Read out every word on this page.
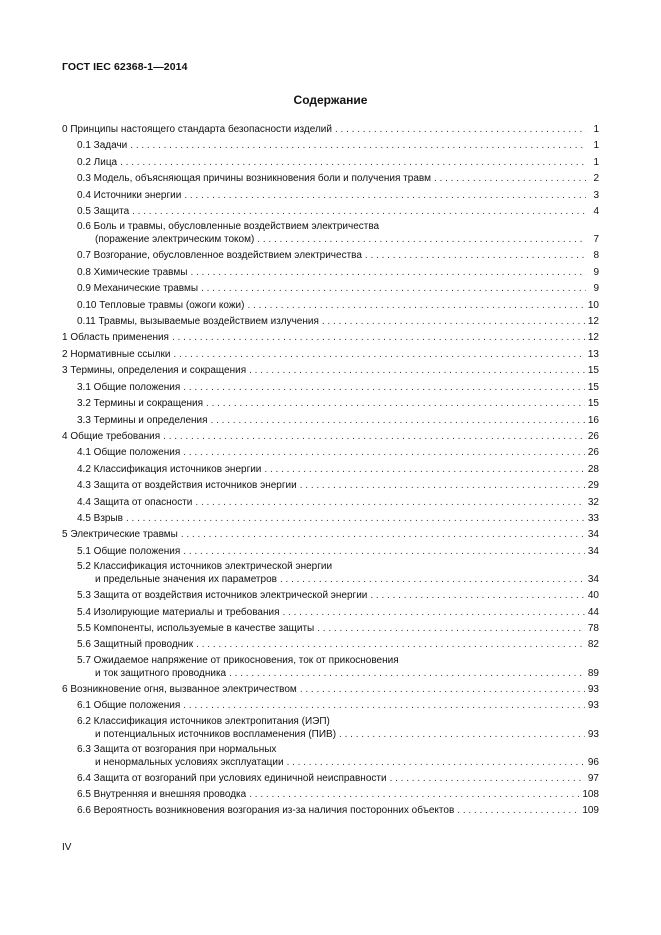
ГОСТ IEC 62368-1—2014
Содержание
0 Принципы настоящего стандарта безопасности изделий . . .	1
0.1 Задачи . . .	1
0.2 Лица . . .	1
0.3 Модель, объясняющая причины возникновения боли и получения травм . . .	2
0.4 Источники энергии . . .	3
0.5 Защита . . .	4
0.6 Боль и травмы, обусловленные воздействием электричества
(поражение электрическим током) . . .	7
0.7 Возгорание, обусловленное воздействием электричества . . .	8
0.8 Химические травмы . . .	9
0.9 Механические травмы . . .	9
0.10 Тепловые травмы (ожоги кожи) . . .	10
0.11 Травмы, вызываемые воздействием излучения . . .	12
1 Область применения . . .	12
2 Нормативные ссылки . . .	13
3 Термины, определения и сокращения . . .	15
3.1 Общие положения . . .	15
3.2 Термины и сокращения . . .	15
3.3 Термины и определения . . .	16
4 Общие требования . . .	26
4.1 Общие положения . . .	26
4.2 Классификация источников энергии . . .	28
4.3 Защита от воздействия источников энергии . . .	29
4.4 Защита от опасности . . .	32
4.5 Взрыв . . .	33
5 Электрические травмы . . .	34
5.1 Общие положения . . .	34
5.2 Классификация источников электрической энергии
и предельные значения их параметров . . .	34
5.3 Защита от воздействия источников электрической энергии . . .	40
5.4 Изолирующие материалы и требования . . .	44
5.5 Компоненты, используемые в качестве защиты . . .	78
5.6 Защитный проводник . . .	82
5.7 Ожидаемое напряжение от прикосновения, ток от прикосновения
и ток защитного проводника . . .	89
6 Возникновение огня, вызванное электричеством . . .	93
6.1 Общие положения . . .	93
6.2 Классификация источников электропитания (ИЭП)
и потенциальных источников воспламенения (ПИВ) . . .	93
6.3 Защита от возгорания при нормальных
и ненормальных условиях эксплуатации . . .	96
6.4 Защита от возгораний при условиях единичной неисправности . . .	97
6.5 Внутренняя и внешняя проводка . . .	108
6.6 Вероятность возникновения возгорания из-за наличия посторонних объектов . . .	109
IV
